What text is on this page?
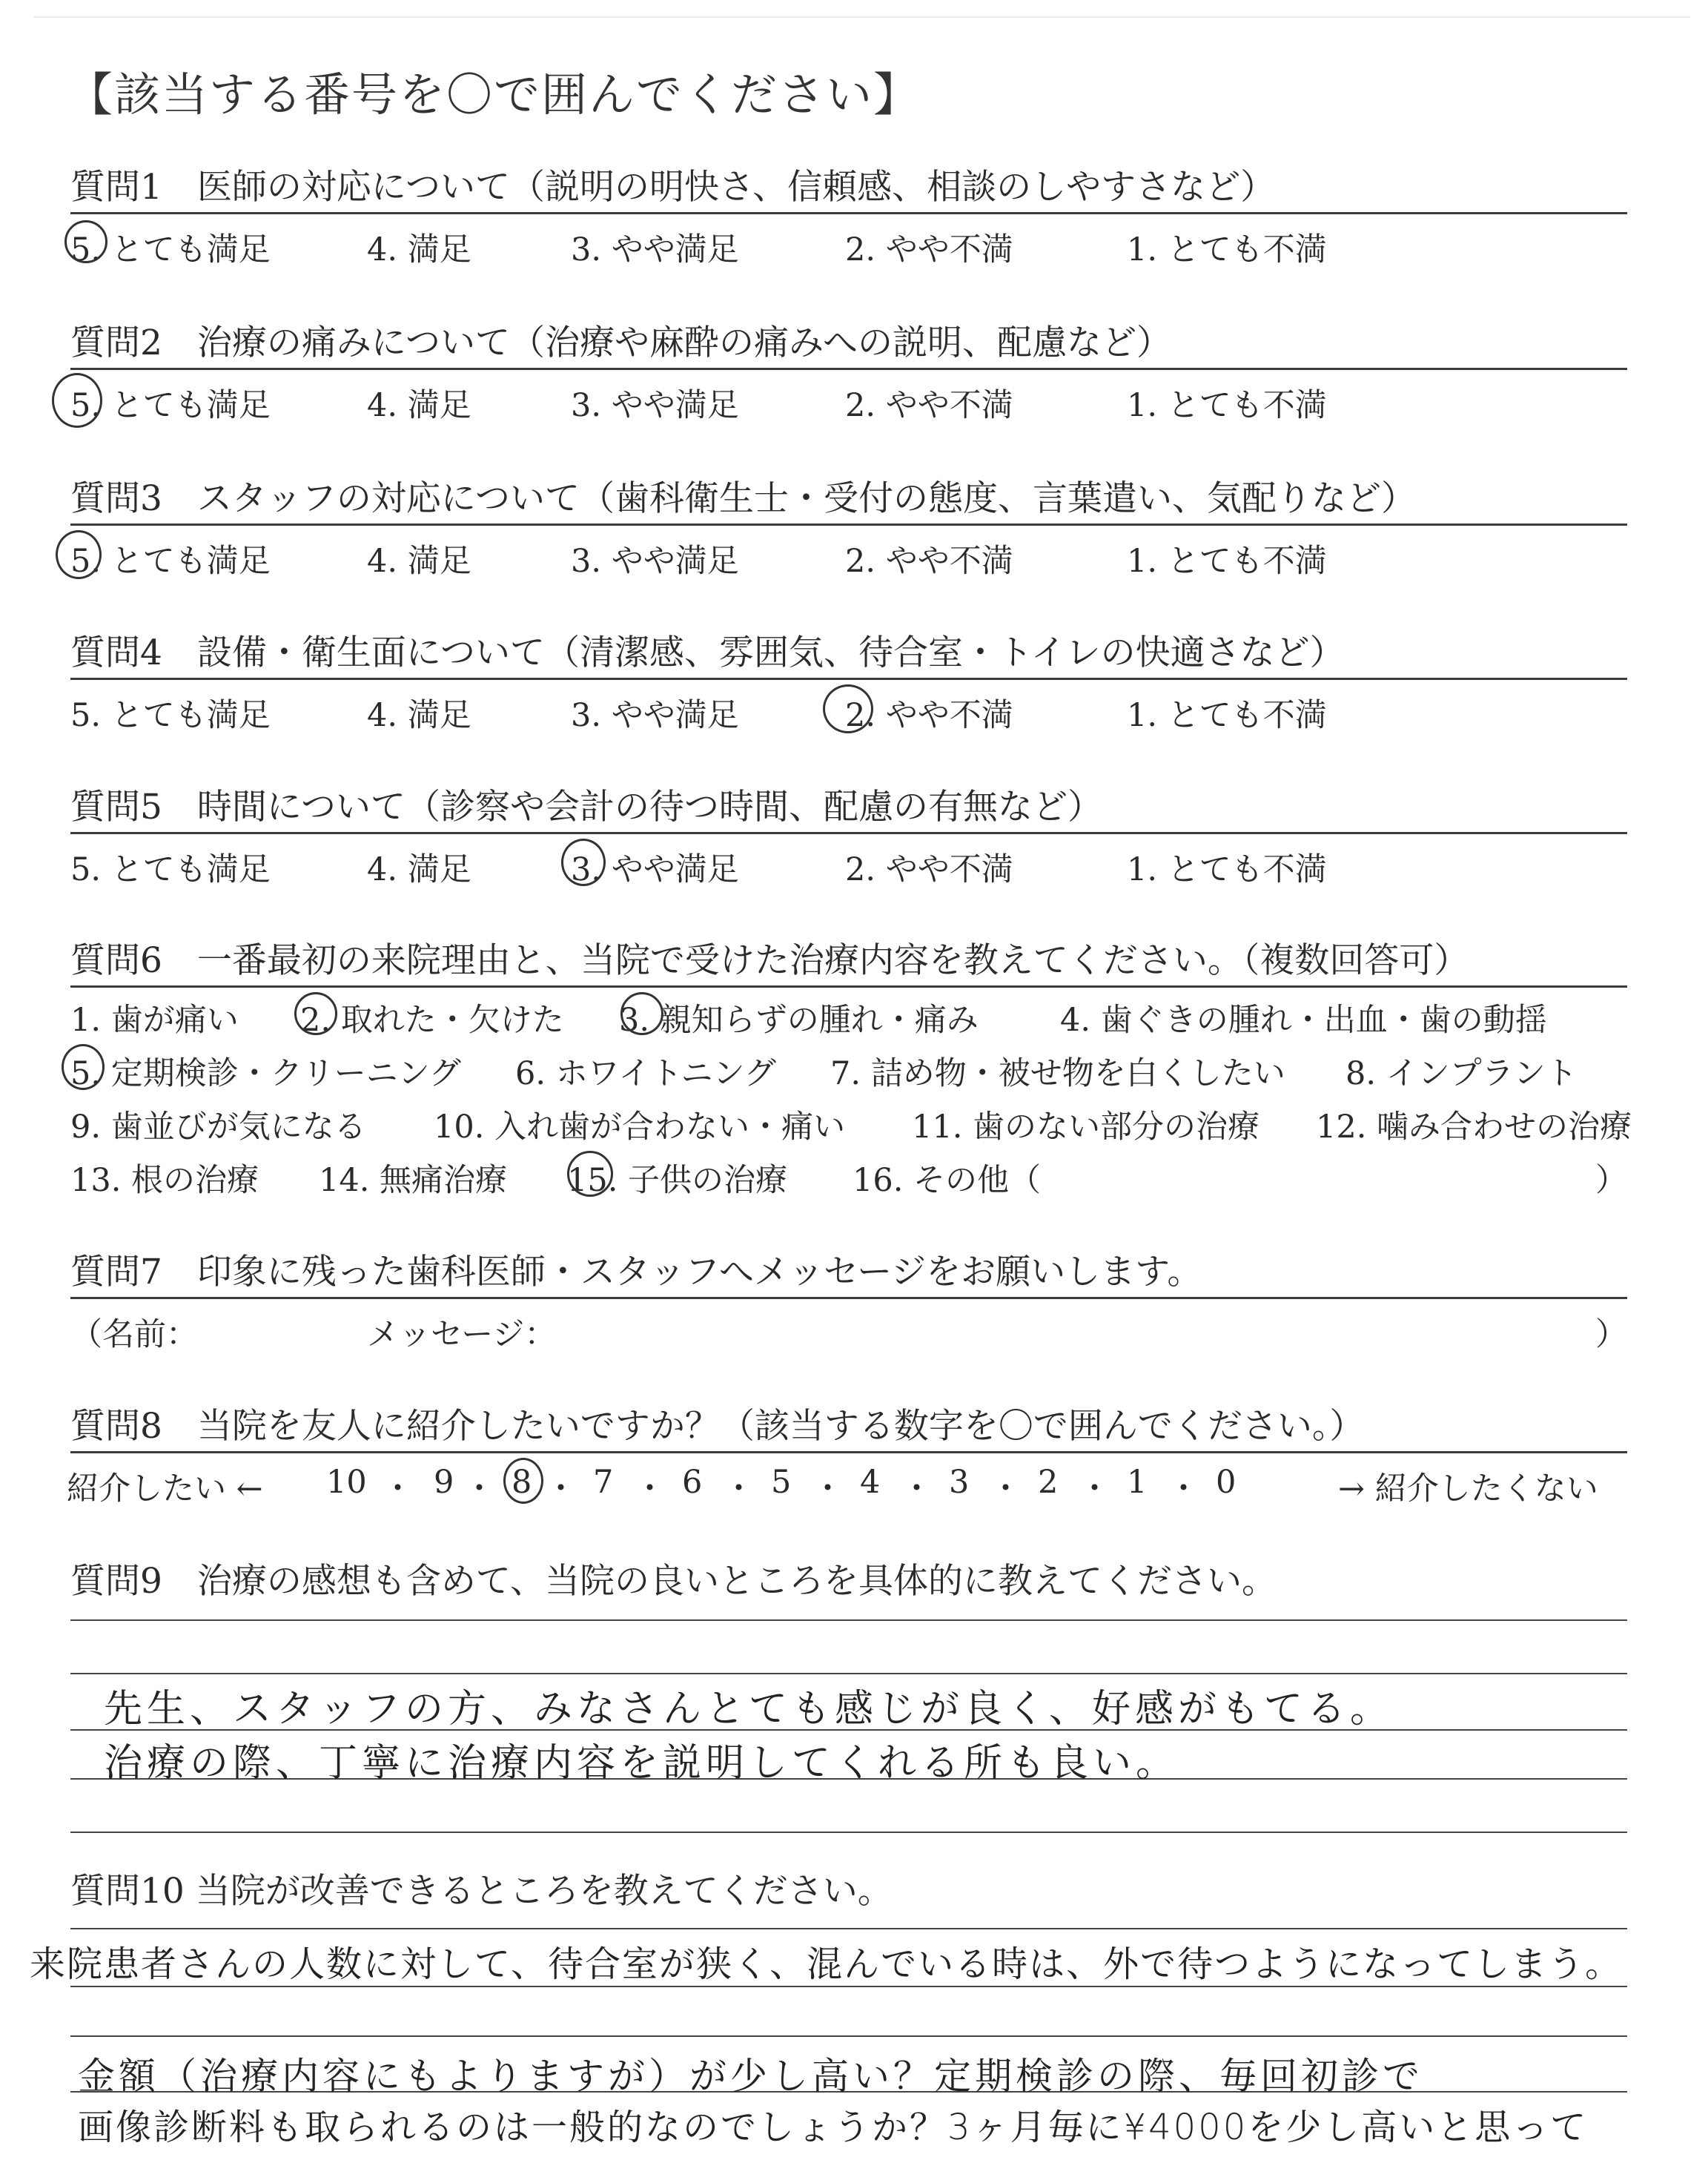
【該当する番号を〇で囲んでください】
質問1　医師の対応について（説明の明快さ、信頼感、相談のしやすさなど）
5. とても満足	4. 満足	3. やや満足	2. やや不満	1. とても不満
質問2　治療の痛みについて（治療や麻酔の痛みへの説明、配慮など）
5. とても満足	4. 満足	3. やや満足	2. やや不満	1. とても不満
質問3　スタッフの対応について（歯科衛生士・受付の態度、言葉遣い、気配りなど）
5. とても満足	4. 満足	3. やや満足	2. やや不満	1. とても不満
質問4　設備・衛生面について（清潔感、雰囲気、待合室・トイレの快適さなど）
5. とても満足	4. 満足	3. やや満足	2. やや不満	1. とても不満
質問5　時間について（診察や会計の待つ時間、配慮の有無など）
5. とても満足	4. 満足	3. やや満足	2. やや不満	1. とても不満
質問6　一番最初の来院理由と、当院で受けた治療内容を教えてください。（複数回答可）
1. 歯が痛い 2. 取れた・欠けた 3. 親知らずの腫れ・痛み	4. 歯ぐきの腫れ・出血・歯の動揺
5. 定期検診・クリーニング 6. ホワイトニング 7. 詰め物・被せ物を白くしたい 8. インプラント
9. 歯並びが気になる 10. 入れ歯が合わない・痛い 11. 歯のない部分の治療 12. 噛み合わせの治療
13. 根の治療 14. 無痛治療 15. 子供の治療 16. その他（	）
質問7　印象に残った歯科医師・スタッフへメッセージをお願いします。
（名前：	メッセージ：	）
質問8　当院を友人に紹介したいですか？（該当する数字を〇で囲んでください。）
紹介したい ← 10 ・ 9 ・ 8 ・ 7 ・ 6 ・ 5 ・ 4 ・ 3 ・ 2 ・ 1 ・ 0	→ 紹介したくない
質問9　治療の感想も含めて、当院の良いところを具体的に教えてください。
先生、スタッフの方、みなさんとても感じが良く、好感がもてる。
治療の際、丁寧に治療内容を説明してくれる所も良い。
質問10 当院が改善できるところを教えてください。
来院患者さんの人数に対して、待合室が狭く、混んでいる時は、外で待つようになってしまう。
金額（治療内容にもよりますが）が少し高い？定期検診の際、毎回初診で
画像診断料も取られるのは一般的なのでしょうか？3ヶ月毎に¥4000を少し高いと思って
